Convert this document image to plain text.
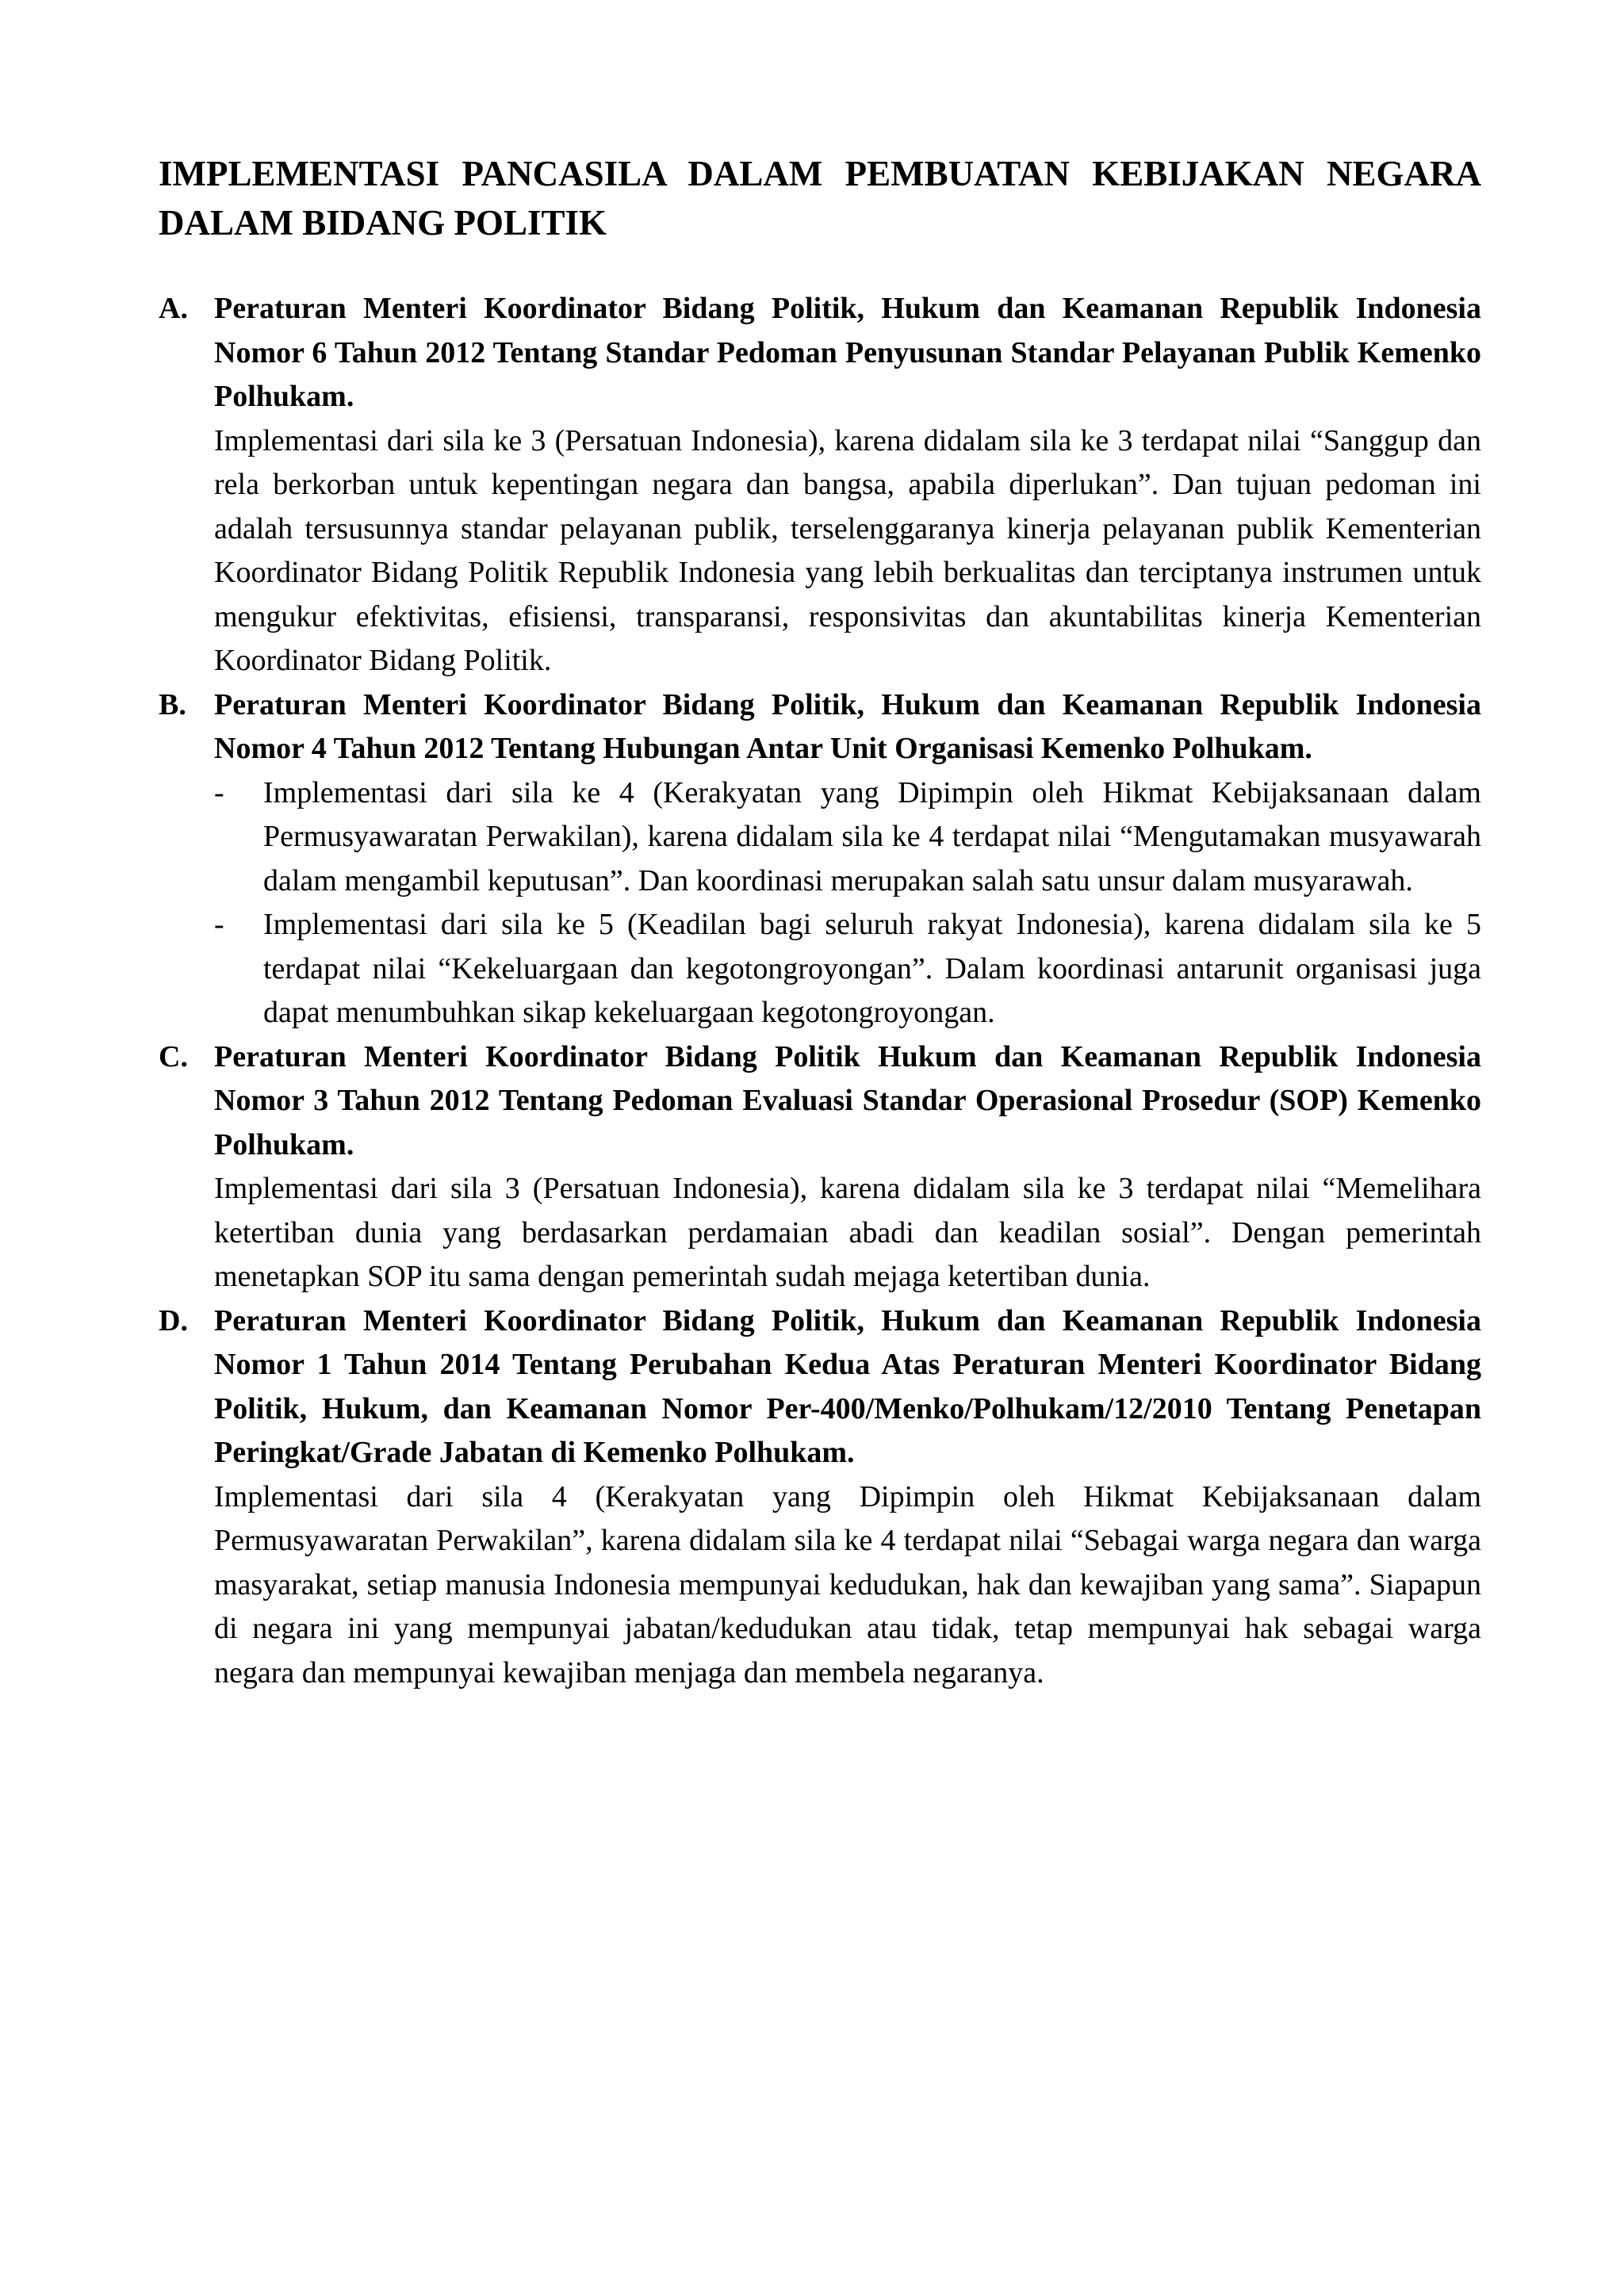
IMPLEMENTASI PANCASILA DALAM PEMBUATAN KEBIJAKAN NEGARA DALAM BIDANG POLITIK
A. Peraturan Menteri Koordinator Bidang Politik, Hukum dan Keamanan Republik Indonesia Nomor 6 Tahun 2012 Tentang Standar Pedoman Penyusunan Standar Pelayanan Publik Kemenko Polhukam.

Implementasi dari sila ke 3 (Persatuan Indonesia), karena didalam sila ke 3 terdapat nilai “Sanggup dan rela berkorban untuk kepentingan negara dan bangsa, apabila diperlukan”. Dan tujuan pedoman ini adalah tersusunnya standar pelayanan publik, terselenggaranya kinerja pelayanan publik Kementerian Koordinator Bidang Politik Republik Indonesia yang lebih berkualitas dan terciptanya instrumen untuk mengukur efektivitas, efisiensi, transparansi, responsivitas dan akuntabilitas kinerja Kementerian Koordinator Bidang Politik.

B. Peraturan Menteri Koordinator Bidang Politik, Hukum dan Keamanan Republik Indonesia Nomor 4 Tahun 2012 Tentang Hubungan Antar Unit Organisasi Kemenko Polhukam.

- Implementasi dari sila ke 4 (Kerakyatan yang Dipimpin oleh Hikmat Kebijaksanaan dalam Permusyawaratan Perwakilan), karena didalam sila ke 4 terdapat nilai “Mengutamakan musyawarah dalam mengambil keputusan”. Dan koordinasi merupakan salah satu unsur dalam musyarawah.
- Implementasi dari sila ke 5 (Keadilan bagi seluruh rakyat Indonesia), karena didalam sila ke 5 terdapat nilai “Kekeluargaan dan kegotongroyongan”. Dalam koordinasi antarunit organisasi juga dapat menumbuhkan sikap kekeluargaan kegotongroyongan.
C. Peraturan Menteri Koordinator Bidang Politik Hukum dan Keamanan Republik Indonesia Nomor 3 Tahun 2012 Tentang Pedoman Evaluasi Standar Operasional Prosedur (SOP) Kemenko Polhukam.

Implementasi dari sila 3 (Persatuan Indonesia), karena didalam sila ke 3 terdapat nilai “Memelihara ketertiban dunia yang berdasarkan perdamaian abadi dan keadilan sosial”. Dengan pemerintah menetapkan SOP itu sama dengan pemerintah sudah mejaga ketertiban dunia.

D. Peraturan Menteri Koordinator Bidang Politik, Hukum dan Keamanan Republik Indonesia Nomor 1 Tahun 2014 Tentang Perubahan Kedua Atas Peraturan Menteri Koordinator Bidang Politik, Hukum, dan Keamanan Nomor Per-400/Menko/Polhukam/12/2010 Tentang Penetapan Peringkat/Grade Jabatan di Kemenko Polhukam.

Implementasi dari sila 4 (Kerakyatan yang Dipimpin oleh Hikmat Kebijaksanaan dalam Permusyawaratan Perwakilan”, karena didalam sila ke 4 terdapat nilai “Sebagai warga negara dan warga masyarakat, setiap manusia Indonesia mempunyai kedudukan, hak dan kewajiban yang sama”. Siapapun di negara ini yang mempunyai jabatan/kedudukan atau tidak, tetap mempunyai hak sebagai warga negara dan mempunyai kewajiban menjaga dan membela negaranya.
